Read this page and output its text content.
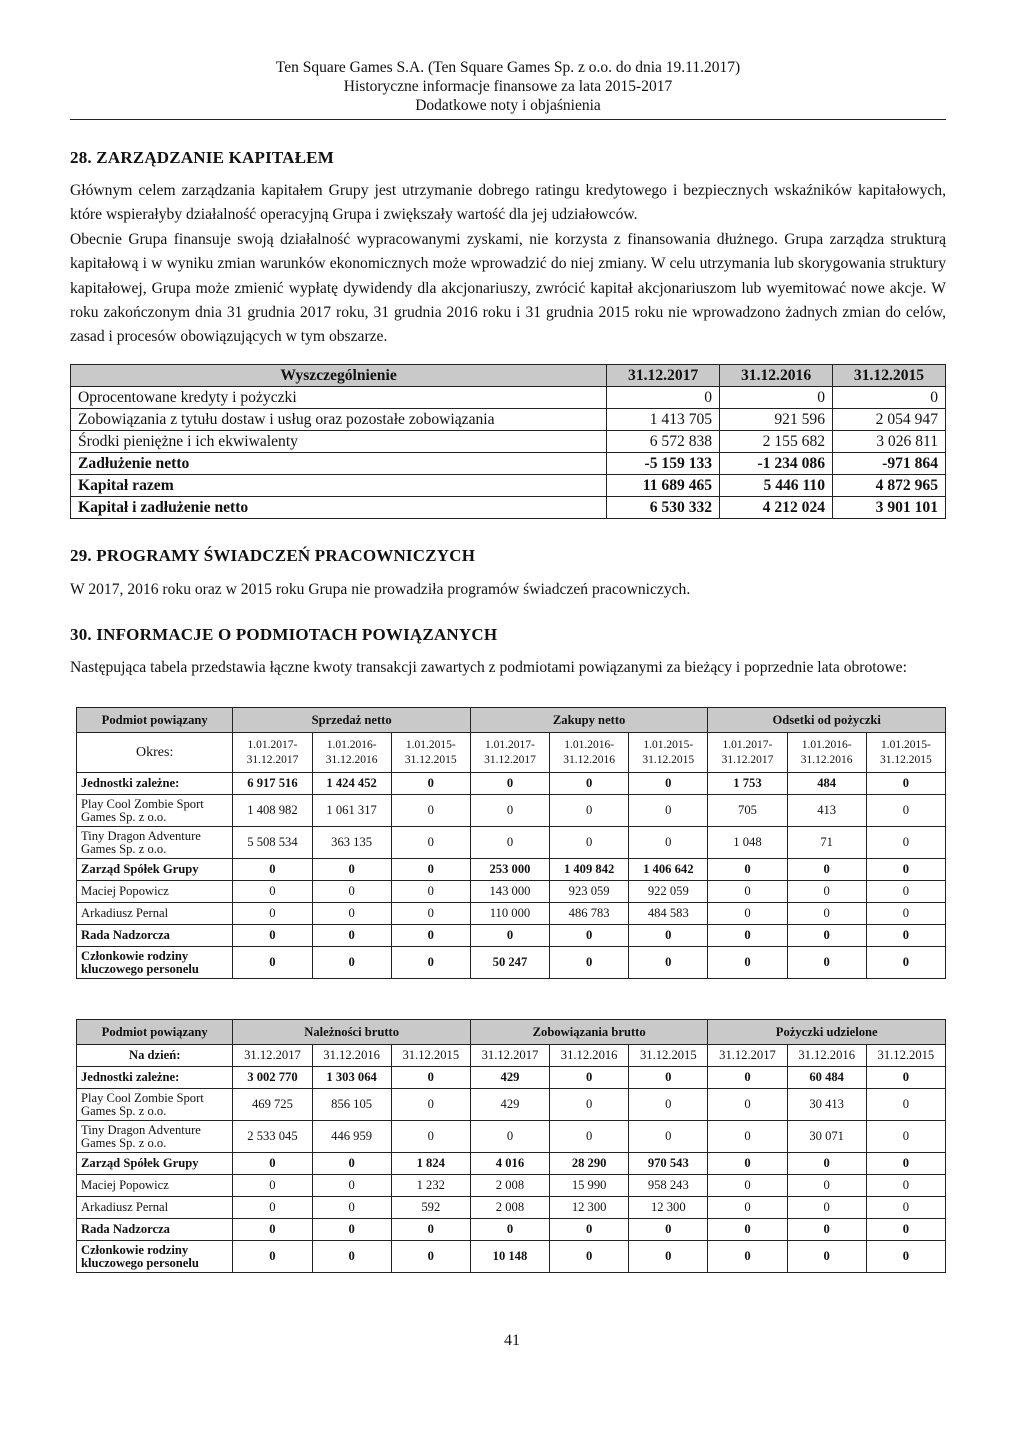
Ten Square Games S.A. (Ten Square Games Sp. z o.o. do dnia 19.11.2017)
Historyczne informacje finansowe za lata 2015-2017
Dodatkowe noty i objaśnienia
28. ZARZĄDZANIE KAPITAŁEM

Głównym celem zarządzania kapitałem Grupy jest utrzymanie dobrego ratingu kredytowego i bezpiecznych wskaźników kapitałowych, które wspierałyby działalność operacyjną Grupa i zwiększały wartość dla jej udziałowców.

Obecnie Grupa finansuje swoją działalność wypracowanymi zyskami, nie korzysta z finansowania dłużnego. Grupa zarządza strukturą kapitałową i w wyniku zmian warunków ekonomicznych może wprowadzić do niej zmiany. W celu utrzymania lub skorygowania struktury kapitałowej, Grupa może zmienić wypłatę dywidendy dla akcjonariuszy, zwrócić kapitał akcjonariuszom lub wyemitować nowe akcje. W roku zakończonym dnia 31 grudnia 2017 roku, 31 grudnia 2016 roku i 31 grudnia 2015 roku nie wprowadzono żadnych zmian do celów, zasad i procesów obowiązujących w tym obszarze.

Wyszczególnienie	31.12.2017	31.12.2016	31.12.2015
Oprocentowane kredyty i pożyczki	0	0	0
Zobowiązania z tytułu dostaw i usług oraz pozostałe zobowiązania	1 413 705	921 596	2 054 947
Środki pieniężne i ich ekwiwalenty	6 572 838	2 155 682	3 026 811
Zadłużenie netto	-5 159 133	-1 234 086	-971 864
Kapitał razem	11 689 465	5 446 110	4 872 965
Kapitał i zadłużenie netto	6 530 332	4 212 024	3 901 101
29. PROGRAMY ŚWIADCZEŃ PRACOWNICZYCH

W 2017, 2016 roku oraz w 2015 roku Grupa nie prowadziła programów świadczeń pracowniczych.

30. INFORMACJE O PODMIOTACH POWIĄZANYCH

Następująca tabela przedstawia łączne kwoty transakcji zawartych z podmiotami powiązanymi za bieżący i poprzednie lata obrotowe:

Podmiot powiązany	Sprzedaż netto			Zakupy netto			Odsetki od pożyczki		
Okres:	1.01.2017-
31.12.2017	1.01.2016-
31.12.2016	1.01.2015-
31.12.2015	1.01.2017-
31.12.2017	1.01.2016-
31.12.2016	1.01.2015-
31.12.2015	1.01.2017-
31.12.2017	1.01.2016-
31.12.2016	1.01.2015-
31.12.2015
Jednostki zależne:	6 917 516	1 424 452	0	0	0	0	1 753	484	0
Play Cool Zombie Sport Games Sp. z o.o.	1 408 982	1 061 317	0	0	0	0	705	413	0
Tiny Dragon Adventure Games Sp. z o.o.	5 508 534	363 135	0	0	0	0	1 048	71	0
Zarząd Spółek Grupy	0	0	0	253 000	1 409 842	1 406 642	0	0	0
Maciej Popowicz	0	0	0	143 000	923 059	922 059	0	0	0
Arkadiusz Pernal	0	0	0	110 000	486 783	484 583	0	0	0
Rada Nadzorcza	0	0	0	0	0	0	0	0	0
Członkowie rodziny kluczowego personelu	0	0	0	50 247	0	0	0	0	0
Podmiot powiązany	Należności brutto			Zobowiązania brutto			Pożyczki udzielone		
Na dzień:	31.12.2017	31.12.2016	31.12.2015	31.12.2017	31.12.2016	31.12.2015	31.12.2017	31.12.2016	31.12.2015
Jednostki zależne:	3 002 770	1 303 064	0	429	0	0	0	60 484	0
Play Cool Zombie Sport Games Sp. z o.o.	469 725	856 105	0	429	0	0	0	30 413	0
Tiny Dragon Adventure Games Sp. z o.o.	2 533 045	446 959	0	0	0	0	0	30 071	0
Zarząd Spółek Grupy	0	0	1 824	4 016	28 290	970 543	0	0	0
Maciej Popowicz	0	0	1 232	2 008	15 990	958 243	0	0	0
Arkadiusz Pernal	0	0	592	2 008	12 300	12 300	0	0	0
Rada Nadzorcza	0	0	0	0	0	0	0	0	0
Członkowie rodziny kluczowego personelu	0	0	0	10 148	0	0	0	0	0
41
